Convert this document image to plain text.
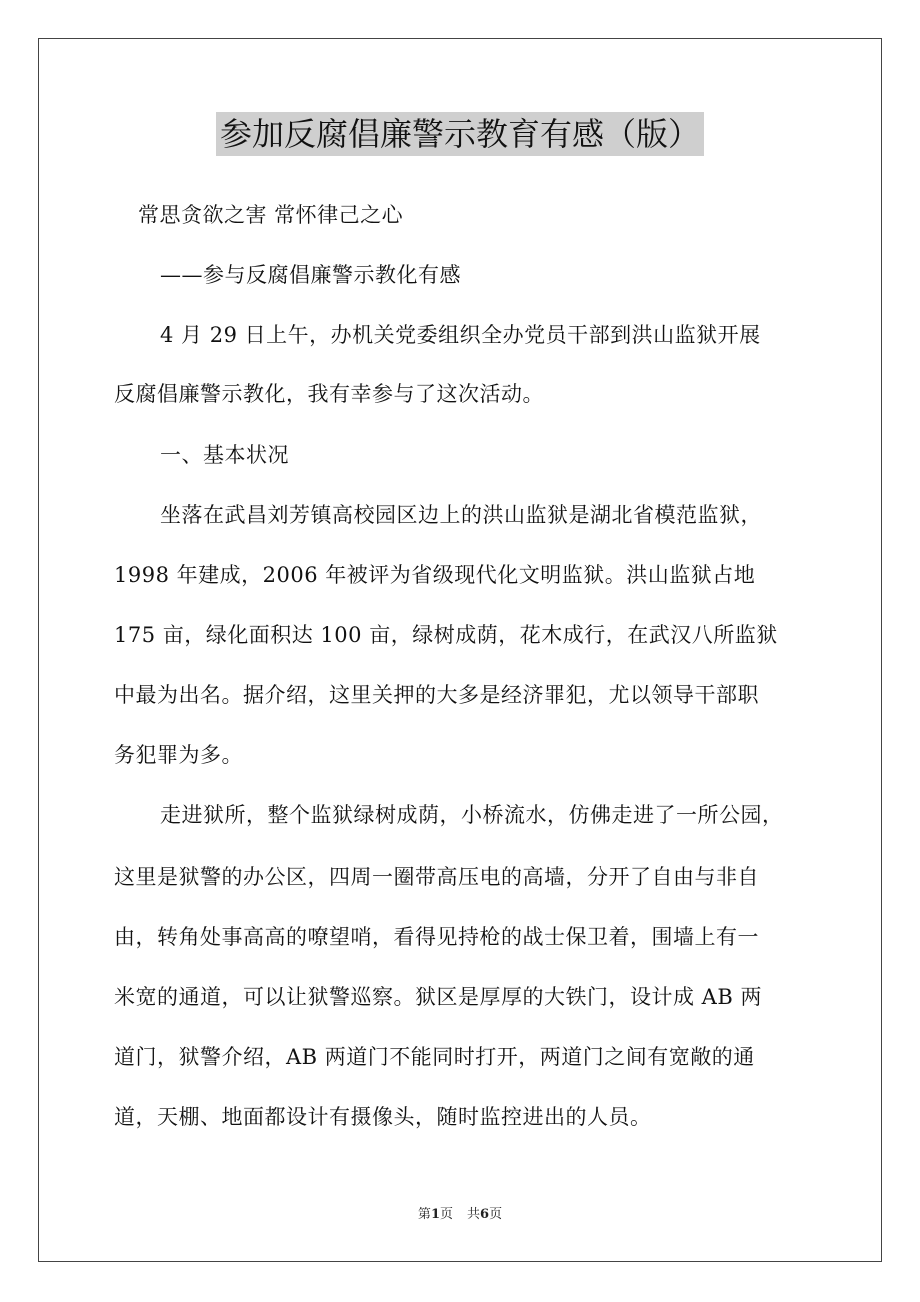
参加反腐倡廉警示教育有感（版）
常思贪欲之害 常怀律己之心
——参与反腐倡廉警示教化有感
4 月 29 日上午，办机关党委组织全办党员干部到洪山监狱开展
反腐倡廉警示教化，我有幸参与了这次活动。
一、基本状况
坐落在武昌刘芳镇高校园区边上的洪山监狱是湖北省模范监狱，
1998 年建成，2006 年被评为省级现代化文明监狱。洪山监狱占地
175 亩，绿化面积达 100 亩，绿树成荫，花木成行，在武汉八所监狱
中最为出名。据介绍，这里关押的大多是经济罪犯，尤以领导干部职
务犯罪为多。
走进狱所，整个监狱绿树成荫，小桥流水，仿佛走进了一所公园，
这里是狱警的办公区，四周一圈带高压电的高墙，分开了自由与非自
由，转角处事高高的嘹望哨，看得见持枪的战士保卫着，围墙上有一
米宽的通道，可以让狱警巡察。狱区是厚厚的大铁门，设计成 AB 两
道门，狱警介绍，AB 两道门不能同时打开，两道门之间有宽敞的通
道，天棚、地面都设计有摄像头，随时监控进出的人员。
第1页 共6页
